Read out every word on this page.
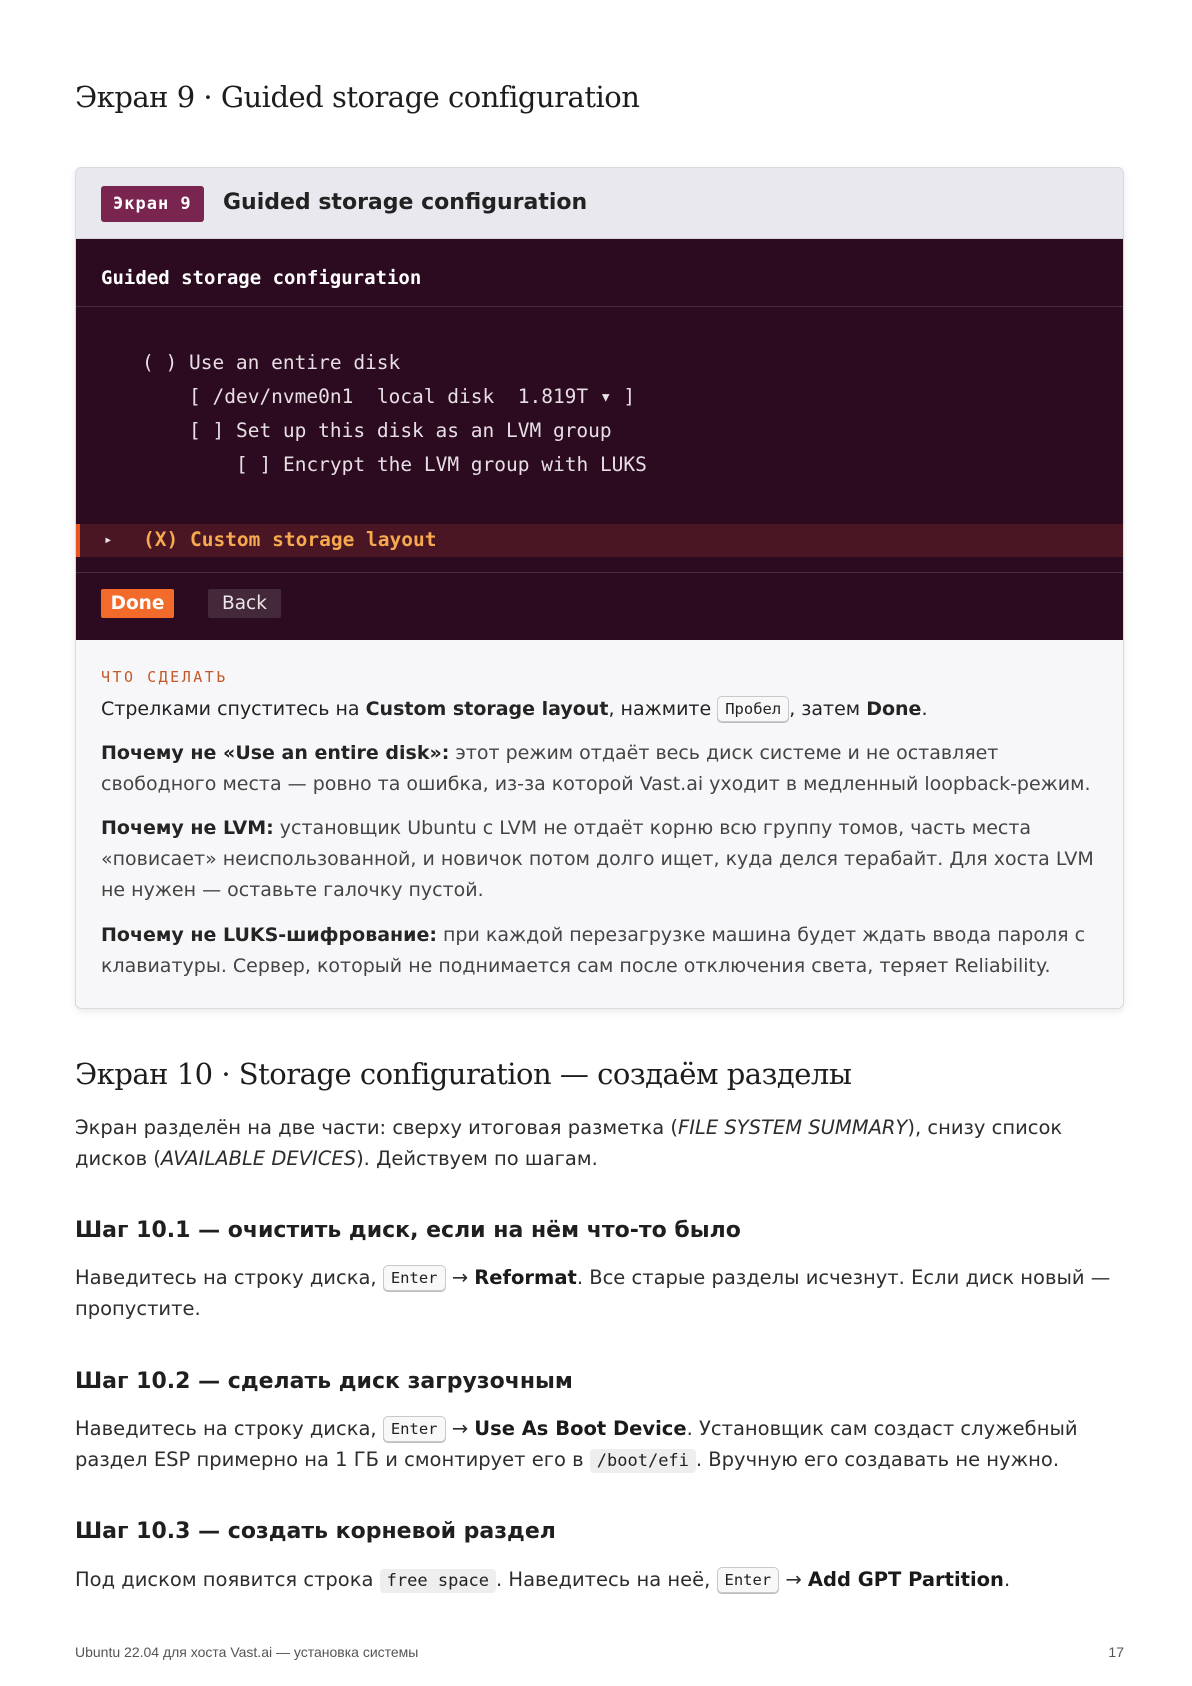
Экран 9 · Guided storage configuration
Экран 9	Guided storage configuration
Guided storage configuration
( ) Use an entire disk
[ /dev/nvme0n1  local disk  1.819T ▾ ]
[ ] Set up this disk as an LVM group
[ ] Encrypt the LVM group with LUKS
▸ (X) Custom storage layout
Done	Back
ЧТО СДЕЛАТЬ
Стрелками спуститесь на Custom storage layout, нажмите Пробел , затем Done.
Почему не «Use an entire disk»: этот режим отдаёт весь диск системе и не оставляет свободного места — ровно та ошибка, из-за которой Vast.ai уходит в медленный loopback-режим.
Почему не LVM: установщик Ubuntu с LVM не отдаёт корню всю группу томов, часть места «повисает» неиспользованной, и новичок потом долго ищет, куда делся терабайт. Для хоста LVM не нужен — оставьте галочку пустой.
Почему не LUKS-шифрование: при каждой перезагрузке машина будет ждать ввода пароля с клавиатуры. Сервер, который не поднимается сам после отключения света, теряет Reliability.
Экран 10 · Storage configuration — создаём разделы
Экран разделён на две части: сверху итоговая разметка (FILE SYSTEM SUMMARY), снизу список дисков (AVAILABLE DEVICES). Действуем по шагам.
Шаг 10.1 — очистить диск, если на нём что-то было
Наведитесь на строку диска, Enter → Reformat. Все старые разделы исчезнут. Если диск новый — пропустите.
Шаг 10.2 — сделать диск загрузочным
Наведитесь на строку диска, Enter → Use As Boot Device. Установщик сам создаст служебный раздел ESP примерно на 1 ГБ и смонтирует его в /boot/efi . Вручную его создавать не нужно.
Шаг 10.3 — создать корневой раздел
Под диском появится строка free space . Наведитесь на неё, Enter → Add GPT Partition.
Ubuntu 22.04 для хоста Vast.ai — установка системы	17
